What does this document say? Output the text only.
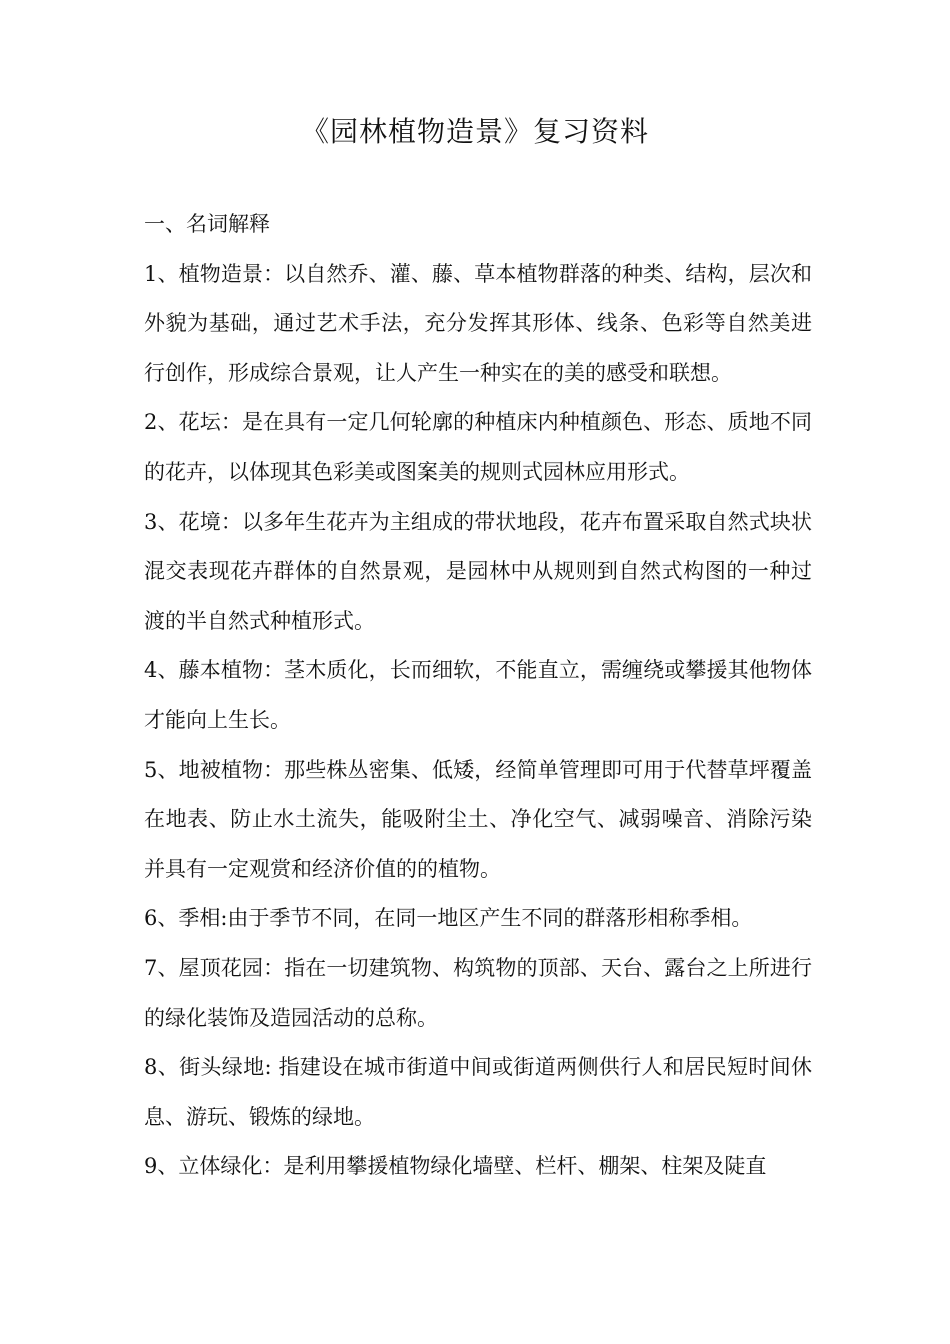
《园林植物造景》复习资料

一、名词解释

1、植物造景：以自然乔、灌、藤、草本植物群落的种类、结构，层次和外貌为基础，通过艺术手法，充分发挥其形体、线条、色彩等自然美进行创作，形成综合景观，让人产生一种实在的美的感受和联想。

2、花坛：是在具有一定几何轮廓的种植床内种植颜色、形态、质地不同的花卉，以体现其色彩美或图案美的规则式园林应用形式。

3、花境：以多年生花卉为主组成的带状地段，花卉布置采取自然式块状混交表现花卉群体的自然景观，是园林中从规则到自然式构图的一种过渡的半自然式种植形式。

4、藤本植物：茎木质化，长而细软，不能直立，需缠绕或攀援其他物体才能向上生长。

5、地被植物：那些株丛密集、低矮，经简单管理即可用于代替草坪覆盖在地表、防止水土流失，能吸附尘土、净化空气、减弱噪音、消除污染并具有一定观赏和经济价值的的植物。

6、季相:由于季节不同，在同一地区产生不同的群落形相称季相。

7、屋顶花园：指在一切建筑物、构筑物的顶部、天台、露台之上所进行的绿化装饰及造园活动的总称。

8、街头绿地: 指建设在城市街道中间或街道两侧供行人和居民短时间休息、游玩、锻炼的绿地。

9、立体绿化：是利用攀援植物绿化墙壁、栏杆、棚架、柱架及陡直
